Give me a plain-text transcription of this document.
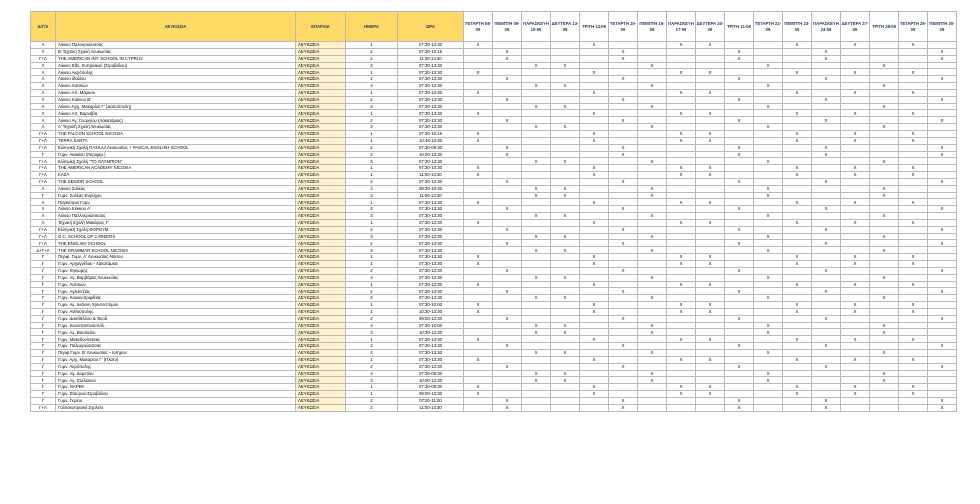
Δ/Γ/Λ	ΛΕΥΚΩΣΙΑ	ΕΠΑΡΧΙΑ	ΗΜΕΡΑ	ΩΡΑ	ΤΕΤΑΡΤΗ 08-09	ΠΕΜΠΤΗ 09-09	ΠΑΡΑΣΚΕΥΗ 10-09	ΔΕΥΤΕΡΑ 13-09	ΤΡΙΤΗ 14-09	ΤΕΤΑΡΤΗ 15-09	ΠΕΜΠΤΗ 16-09	ΠΑΡΑΣΚΕΥΗ 17-09	ΔΕΥΤΕΡΑ 20-09	ΤΡΙΤΗ 21-09	ΤΕΤΑΡΤΗ 22-09	ΠΕΜΠΤΗ 23-09	ΠΑΡΑΣΚΕΥΗ 24-09	ΔΕΥΤΕΡΑ 27-09	ΤΡΙΤΗ 28-09	ΤΕΤΑΡΤΗ 29-09	ΠΕΜΠΤΗ 30-09
Λ	Λύκειο Παλουριώτισσας	ΛΕΥΚΩΣΙΑ	1	07:30-13:30	X				X			X	X			X		X		X	
Λ	Β' Τεχνική Σχολή Λευκωσίας	ΛΕΥΚΩΣΙΑ	2	07:30-10:15		X				X				X			X				X
Γ+Λ	THE AMERICAN INT. SCHOOL IN CYPRUS	ΛΕΥΚΩΣΙΑ	2	11:00-13:30		X				X				X			X				X
Λ	Λύκειο Εθν. Κυπριακού (Στροβόλου)	ΛΕΥΚΩΣΙΑ	3	07:30-13:30			X	X			X				X				X		
Λ	Λύκειο Ακρόπολης	ΛΕΥΚΩΣΙΑ	1	07:30-13:30	X				X			X	X			X		X		X	
Λ	Λύκειο Ιδαλίου	ΛΕΥΚΩΣΙΑ	2	07:30-13:30		X				X				X			X				X
Λ	Λύκειο Λατσιών	ΛΕΥΚΩΣΙΑ	3	07:30-13:30			X	X			X				X				X		
Λ	Λύκειο Απ. Μάρκου	ΛΕΥΚΩΣΙΑ	1	07:30-13:30	X				X			X	X			X		X		X	
Λ	Λύκειο Κύκκου Β'	ΛΕΥΚΩΣΙΑ	2	07:30-13:30		X				X				X			X				X
Λ	Λύκειο Αρχ. Μακαρίου Γ' (Δασούπολη)	ΛΕΥΚΩΣΙΑ	3	07:30-13:30			X	X			X				X				X		
Λ	Λύκειο Απ. Βαρνάβα	ΛΕΥΚΩΣΙΑ	1	07:30-13:30	X				X			X	X			X		X		X	
Λ	Λύκειο Αγ. Γεωργίου (Λακατάμιας)	ΛΕΥΚΩΣΙΑ	2	07:30-13:30		X				X				X			X				X
Λ	Α' Τεχνική Σχολή Λευκωσίας	ΛΕΥΚΩΣΙΑ	3	07:30-13:30			X	X			X				X				X		
Γ+Λ	THE FALCON SCHOOL NICOSIA	ΛΕΥΚΩΣΙΑ	1	07:30-10:15	X				X			X	X			X		X		X	
Γ+Λ	TERRA SANTA	ΛΕΥΚΩΣΙΑ	1	10:45-13:30	X				X			X	X			X		X		X	
Γ+Λ	Ελληνική Σχολή ΠΑΣΚΑΛ Λευκωσίας + PASCAL ENGLISH SCHOOL	ΛΕΥΚΩΣΙΑ	2	07:30-09:30		X				X				X			X				X
Γ	Γυμν. Ακακίου (Περιφερ.)	ΛΕΥΚΩΣΙΑ	2	10:00-13:30		X				X				X			X				X
Γ+Λ	Ελληνική Σχολή "ΤΟ ΟΛΥΜΠΙΟΝ"	ΛΕΥΚΩΣΙΑ	3	07:30-13:30			X	X			X				X				X		
Γ+Λ	THE AMERICAN ACADEMY NICOSIA	ΛΕΥΚΩΣΙΑ	1	07:30-10:30	X				X			X	X			X		X		X	
Γ+Λ	ΚΑΣΑ	ΛΕΥΚΩΣΙΑ	1	11:00-13:30	X				X			X	X			X		X		X	
Γ+Λ	THE SENIOR SCHOOL	ΛΕΥΚΩΣΙΑ	2	07:30-13:30		X				X				X			X				X
Λ	Λύκειο Σολέας	ΛΕΥΚΩΣΙΑ	3	08:30-10:30			X	X			X				X				X		
Γ	Γυμν. Σολέας-Ευρύχου	ΛΕΥΚΩΣΙΑ	3	11:00-13:30			X	X			X				X				X		
Λ	Παγκύπριο Γυμν.	ΛΕΥΚΩΣΙΑ	1	07:30-13:30	X				X			X	X			X		X		X	
Λ	Λύκειο Κύκκου Α'	ΛΕΥΚΩΣΙΑ	2	07:30-13:30		X				X				X			X				X
Λ	Λύκειο Παλλουριώτισσας	ΛΕΥΚΩΣΙΑ	3	07:30-13:30			X	X			X				X				X		
Λ	Τεχνική Σχολή Μακάριος Γ'	ΛΕΥΚΩΣΙΑ	1	07:30-13:30	X				X			X	X			X		X		X	
Γ+Λ	Ελληνική Σχολή ΦΟΡΟΥΜ	ΛΕΥΚΩΣΙΑ	2	07:30-13:30		X				X				X			X				X
Γ+Λ	G.C. SCHOOL OF CAREERS	ΛΕΥΚΩΣΙΑ	3	07:30-13:30			X	X			X				X				X		
Γ+Λ	THE ENGLISH SCHOOL	ΛΕΥΚΩΣΙΑ	2	07:30-13:30		X				X				X			X				X
Δ+Γ+Λ	THE GRAMMAR SCHOOL NICOSIA	ΛΕΥΚΩΣΙΑ	3	07:30-13:30			X	X			X				X				X		
Γ	Περιφ. Γυμν. Α' Λευκωσίας-Νήσου	ΛΕΥΚΩΣΙΑ	1	07:30-13:30	X				X			X	X			X		X		X	
Γ	Γυμν. Αρχαγγέλου - Λακατάμιας	ΛΕΥΚΩΣΙΑ	1	07:30-13:30	X				X			X	X			X		X		X	
Γ	Γυμν. Έγκωμης	ΛΕΥΚΩΣΙΑ	2	07:30-13:30		X				X				X			X				X
Γ	Γυμν. Αγ. Βαρβάρας Λευκωσίας	ΛΕΥΚΩΣΙΑ	3	07:30-13:30			X	X			X				X				X		
Γ	Γυμν. Λατσιών	ΛΕΥΚΩΣΙΑ	1	07:30-13:30	X				X			X	X			X		X		X	
Γ	Γυμν. Αγλαντζιάς	ΛΕΥΚΩΣΙΑ	2	07:30-13:30		X				X				X			X				X
Γ	Γυμν. Κοκκινοτριμιθιάς	ΛΕΥΚΩΣΙΑ	3	07:30-13:30			X	X			X				X				X		
Γ	Γυμν. Αγ. Ιωάννη Χρυσοστόμου	ΛΕΥΚΩΣΙΑ	1	07:30-10:00	X				X			X	X			X		X		X	
Γ	Γυμν. Ανθούπολης	ΛΕΥΚΩΣΙΑ	1	10:30-13:30	X				X			X	X			X		X		X	
Γ	Γυμν. Δασιθέλλου & Θεοδ.	ΛΕΥΚΩΣΙΑ	2	09:00-13:30		X				X				X			X				X
Γ	Γυμν. Κωνσταντινουπόλ.	ΛΕΥΚΩΣΙΑ	3	07:30-10:00			X	X			X				X				X		
Γ	Γυμν. Αγ. Βασιλείου	ΛΕΥΚΩΣΙΑ	3	10:30-13:30			X	X			X				X				X		
Γ	Γυμν. Μακεδονίτισσας	ΛΕΥΚΩΣΙΑ	1	07:30-13:30	X				X			X	X			X		X		X	
Γ	Γυμν. Παλουριώτισσας	ΛΕΥΚΩΣΙΑ	2	07:30-13:30		X				X				X			X				X
Γ	Περιφ.Γυμν. Β' Λευκωσίας – Κλήρου	ΛΕΥΚΩΣΙΑ	3	07:30-13:30			X	X			X				X				X		
Γ	Γυμν. Αρχ. Μακαρίου Γ' (Πλατύ)	ΛΕΥΚΩΣΙΑ	1	07:30-13:30	X				X			X	X			X		X		X	
Γ	Γυμν. Ακρόπολης	ΛΕΥΚΩΣΙΑ	2	07:30-13:30		X				X				X			X				X
Γ	Γυμν. Αγ. Δομετίου	ΛΕΥΚΩΣΙΑ	3	07:30-09:30			X	X			X				X				X		
Γ	Γυμν. Αγ. Στυλιανού	ΛΕΥΚΩΣΙΑ	3	10:00-13:30			X	X			X				X				X		
Γ	Γυμν. ΝΑΡΕΚ	ΛΕΥΚΩΣΙΑ	1	07:30-08:30	X				X			X	X			X		X		X	
Γ	Γυμν. Σταυρού-Στροβόλου	ΛΕΥΚΩΣΙΑ	1	09:00-13:30	X				X			X	X			X		X		X	
Γ	Γυμν. Γερίου	ΛΕΥΚΩΣΙΑ	2	07:30-11:00		X				X				X			X				X
Γ+Λ	Γαλλοκυπριακό Σχολείο	ΛΕΥΚΩΣΙΑ	2	11:00-13:30		X				X				X			X				X
